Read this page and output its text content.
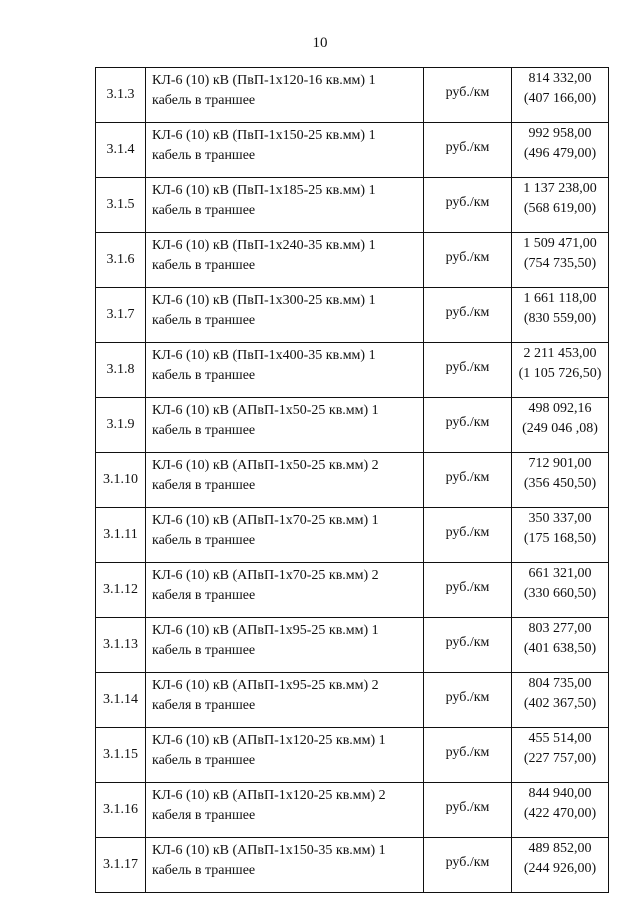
10
3.1.3	КЛ-6 (10) кВ (ПвП-1х120-16 кв.мм) 1
кабель в траншее	руб./км	814 332,00
(407 166,00)

3.1.4	КЛ-6 (10) кВ (ПвП-1х150-25 кв.мм) 1
кабель в траншее	руб./км	992 958,00
(496 479,00)

3.1.5	КЛ-6 (10) кВ (ПвП-1х185-25 кв.мм) 1
кабель в траншее	руб./км	1 137 238,00
(568 619,00)

3.1.6	КЛ-6 (10) кВ (ПвП-1х240-35 кв.мм) 1
кабель в траншее	руб./км	1 509 471,00
(754 735,50)

3.1.7	КЛ-6 (10) кВ (ПвП-1х300-25 кв.мм) 1
кабель в траншее	руб./км	1 661 118,00
(830 559,00)

3.1.8	КЛ-6 (10) кВ (ПвП-1х400-35 кв.мм) 1
кабель в траншее	руб./км	2 211 453,00
(1 105 726,50)

3.1.9	КЛ-6 (10) кВ (АПвП-1х50-25 кв.мм) 1
кабель в траншее	руб./км	498 092,16
(249 046 ,08)

3.1.10	КЛ-6 (10) кВ (АПвП-1х50-25 кв.мм) 2
кабеля в траншее	руб./км	712 901,00
(356 450,50)

3.1.11	КЛ-6 (10) кВ (АПвП-1х70-25 кв.мм) 1
кабель в траншее	руб./км	350 337,00
(175 168,50)

3.1.12	КЛ-6 (10) кВ (АПвП-1х70-25 кв.мм) 2
кабеля в траншее	руб./км	661 321,00
(330 660,50)

3.1.13	КЛ-6 (10) кВ (АПвП-1х95-25 кв.мм) 1
кабель в траншее	руб./км	803 277,00
(401 638,50)

3.1.14	КЛ-6 (10) кВ (АПвП-1х95-25 кв.мм) 2
кабеля в траншее	руб./км	804 735,00
(402 367,50)

3.1.15	КЛ-6 (10) кВ (АПвП-1х120-25 кв.мм) 1
кабель в траншее	руб./км	455 514,00
(227 757,00)

3.1.16	КЛ-6 (10) кВ (АПвП-1х120-25 кв.мм) 2
кабеля в траншее	руб./км	844 940,00
(422 470,00)

3.1.17	КЛ-6 (10) кВ (АПвП-1х150-35 кв.мм) 1
кабель в траншее	руб./км	489 852,00
(244 926,00)
